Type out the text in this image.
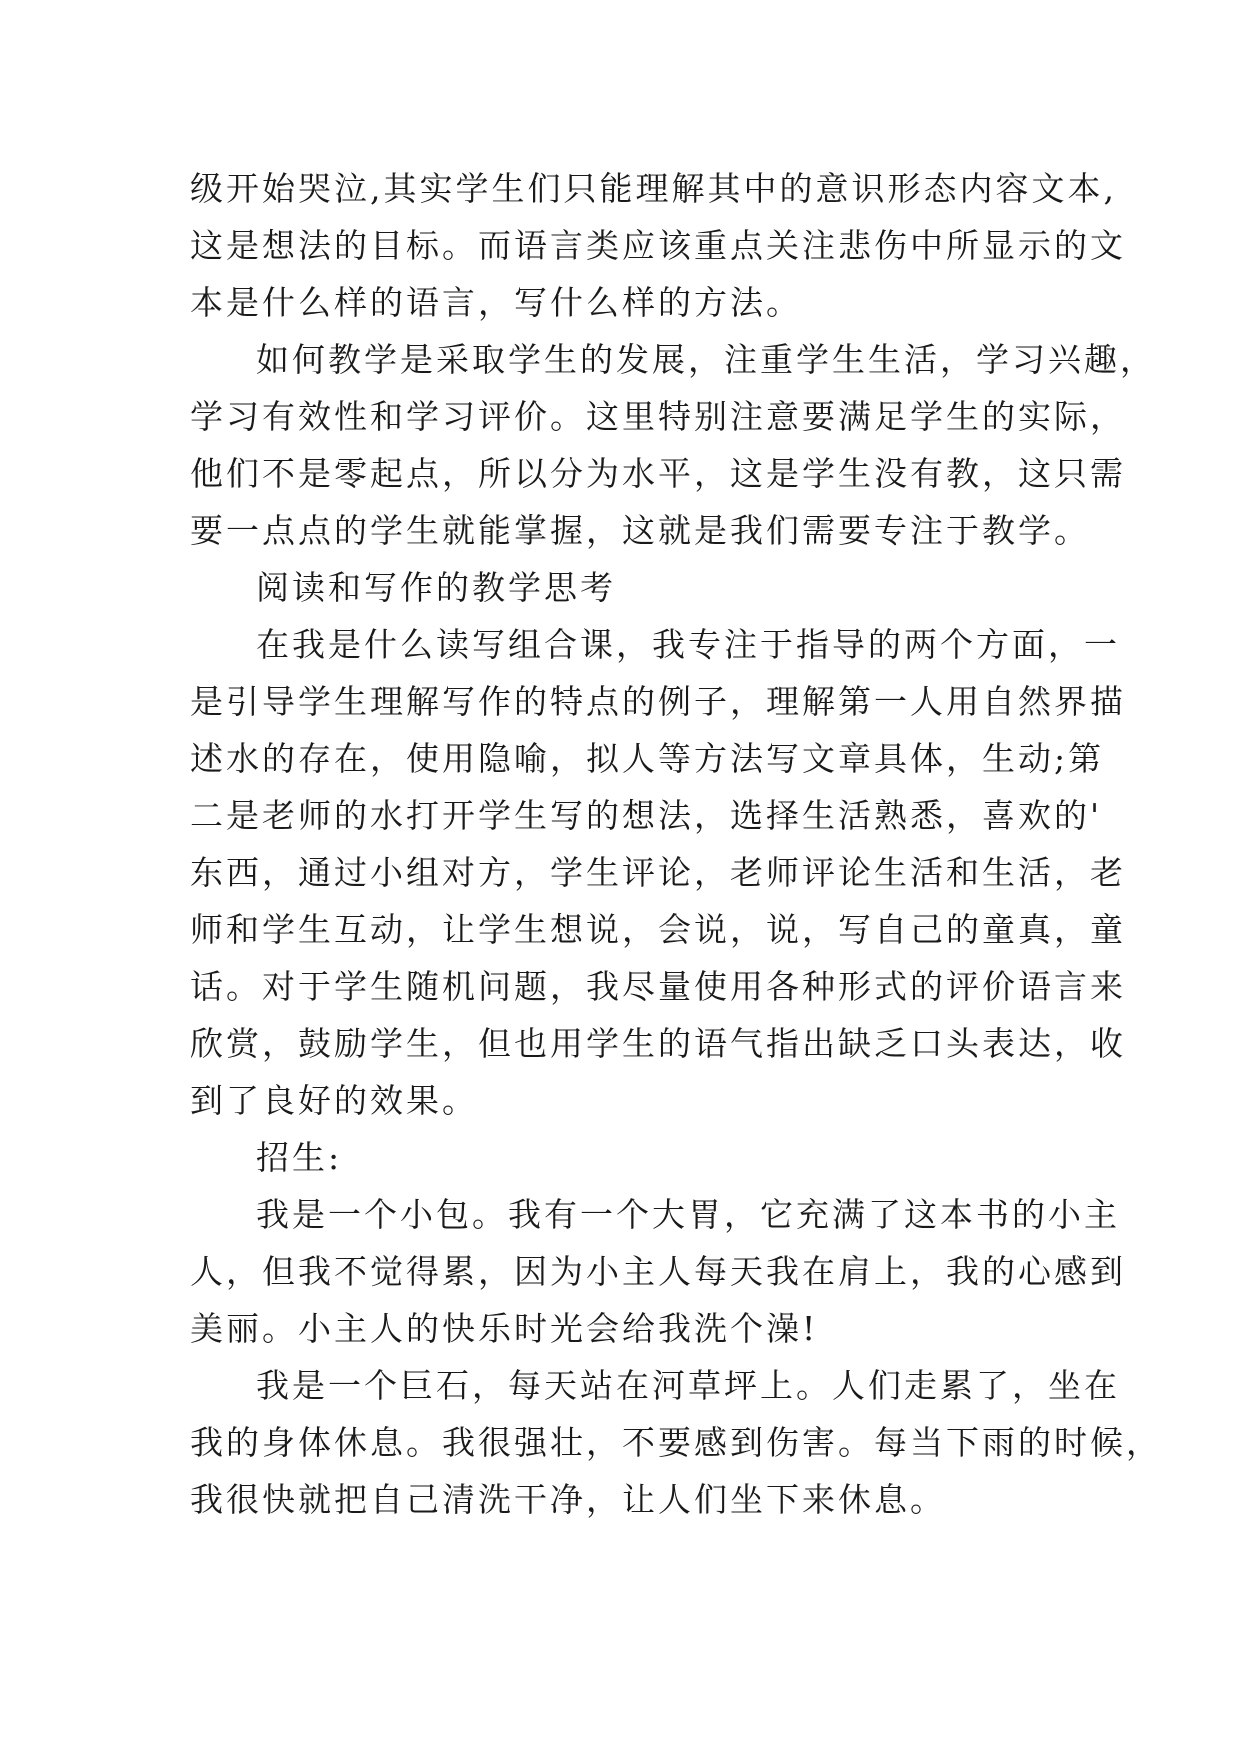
级开始哭泣,其实学生们只能理解其中的意识形态内容文本,
这是想法的目标。而语言类应该重点关注悲伤中所显示的文
本是什么样的语言，写什么样的方法。
如何教学是采取学生的发展，注重学生生活，学习兴趣，
学习有效性和学习评价。这里特别注意要满足学生的实际，
他们不是零起点，所以分为水平，这是学生没有教，这只需
要一点点的学生就能掌握，这就是我们需要专注于教学。
阅读和写作的教学思考
在我是什么读写组合课，我专注于指导的两个方面，一
是引导学生理解写作的特点的例子，理解第一人用自然界描
述水的存在，使用隐喻，拟人等方法写文章具体，生动;第
二是老师的水打开学生写的想法，选择生活熟悉，喜欢的'
东西，通过小组对方，学生评论，老师评论生活和生活，老
师和学生互动，让学生想说，会说，说，写自己的童真，童
话。对于学生随机问题，我尽量使用各种形式的评价语言来
欣赏，鼓励学生，但也用学生的语气指出缺乏口头表达，收
到了良好的效果。
招生:
我是一个小包。我有一个大胃，它充满了这本书的小主
人，但我不觉得累，因为小主人每天我在肩上，我的心感到
美丽。小主人的快乐时光会给我洗个澡!
我是一个巨石，每天站在河草坪上。人们走累了，坐在
我的身体休息。我很强壮，不要感到伤害。每当下雨的时候，
我很快就把自己清洗干净，让人们坐下来休息。
